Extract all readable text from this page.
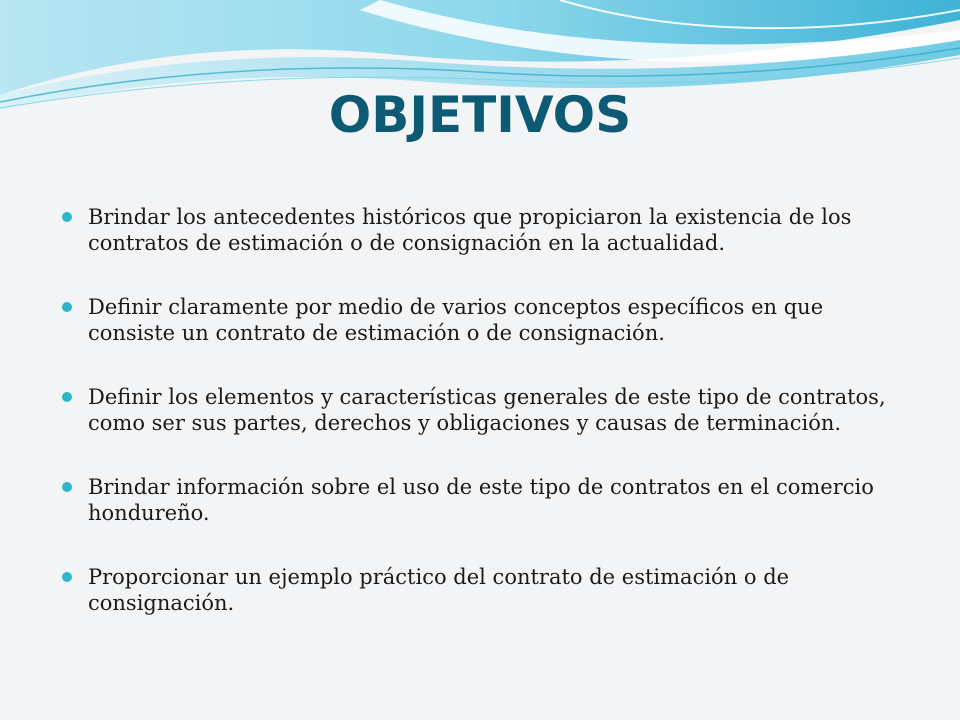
OBJETIVOS
Brindar los antecedentes históricos que propiciaron la existencia de los contratos de estimación o de consignación en la actualidad.
Definir claramente por medio de varios conceptos específicos en que consiste un contrato de estimación o de consignación.
Definir los elementos y características generales de este tipo de contratos, como ser sus partes, derechos y obligaciones y causas de terminación.
Brindar información sobre el uso de este tipo de contratos en el comercio hondureño.
Proporcionar un ejemplo práctico del contrato de estimación o de consignación.
